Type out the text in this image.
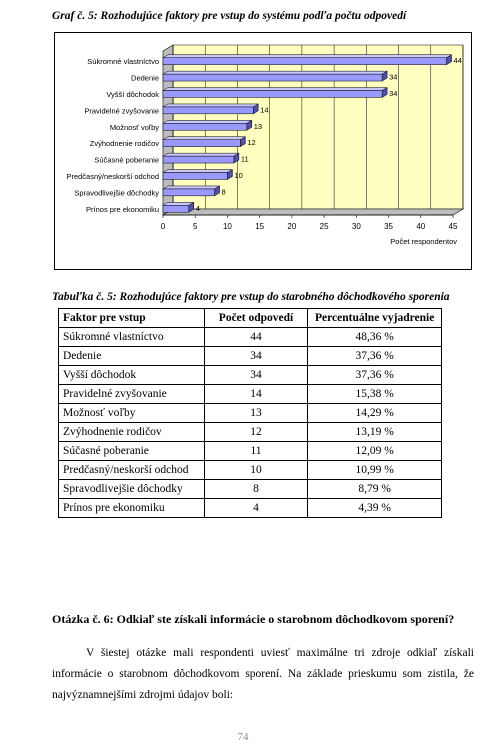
Graf č. 5: Rozhodujúce faktory pre vstup do systému podľa počtu odpovedí
0	5	10	15	20	25	30	35	40	45
Počet respondentov
Súkromné vlastníctvo	44
Dedenie	34
Vyšší dôchodok	34
Pravidelné zvyšovanie	14
Možnosť voľby	13
Zvýhodnenie rodičov	12
Súčasné poberanie	11
Predčasný/neskorší odchod	10
Spravodlivejšie dôchodky	8
Prínos pre ekonomiku	4
Tabuľka č. 5: Rozhodujúce faktory pre vstup do starobného dôchodkového sporenia
Faktor pre vstup	Počet odpovedí	Percentuálne vyjadrenie
Súkromné vlastníctvo	44	48,36 %
Dedenie	34	37,36 %
Vyšší dôchodok	34	37,36 %
Pravidelné zvyšovanie	14	15,38 %
Možnosť voľby	13	14,29 %
Zvýhodnenie rodičov	12	13,19 %
Súčasné poberanie	11	12,09 %
Predčasný/neskorší odchod	10	10,99 %
Spravodlivejšie dôchodky	8	8,79 %
Prínos pre ekonomiku	4	4,39 %
Otázka č. 6: Odkiaľ ste získali informácie o starobnom dôchodkovom sporení?
V šiestej otázke mali respondenti uviesť maximálne tri zdroje odkiaľ získali informácie o starobnom dôchodkovom sporení. Na základe prieskumu som zistila, že najvýznamnejšími zdrojmi údajov boli:
74
